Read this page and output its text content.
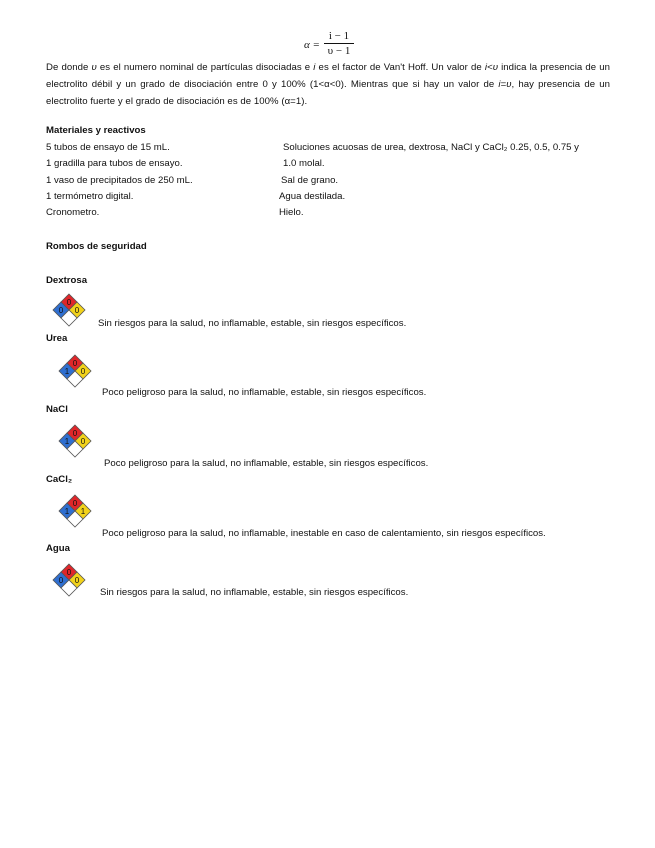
$\alpha = \frac{i - 1}{\upsilon - 1}$
De donde υ es el numero nominal de partículas disociadas e i es el factor de Van't Hoff. Un valor de i<υ indica la presencia de un electrolito débil y un grado de disociación entre 0 y 100% (1<α<0). Mientras que si hay un valor de i=υ, hay presencia de un electrolito fuerte y el grado de disociación es de 100% (α=1).
Materiales y reactivos
5 tubos de ensayo de 15 mL.	Soluciones acuosas de urea, dextrosa, NaCl y CaCl₂ 0.25, 0.5, 0.75 y
1 gradilla para tubos de ensayo.	1.0 molal.
1 vaso de precipitados de 250 mL.	Sal de grano.
1 termómetro digital.	Agua destilada.
Cronometro.	Hielo.
Rombos de seguridad
Dextrosa
0
0 0
Sin riesgos para la salud, no inflamable, estable, sin riesgos específicos.
Urea
0
1 0
Poco peligroso para la salud, no inflamable, estable, sin riesgos específicos.
NaCl
0
1 0
Poco peligroso para la salud, no inflamable, estable, sin riesgos específicos.
CaCl₂
0
1 1
Poco peligroso para la salud, no inflamable, inestable en caso de calentamiento, sin riesgos específicos.
Agua
0
0 0
Sin riesgos para la salud, no inflamable, estable, sin riesgos específicos.
